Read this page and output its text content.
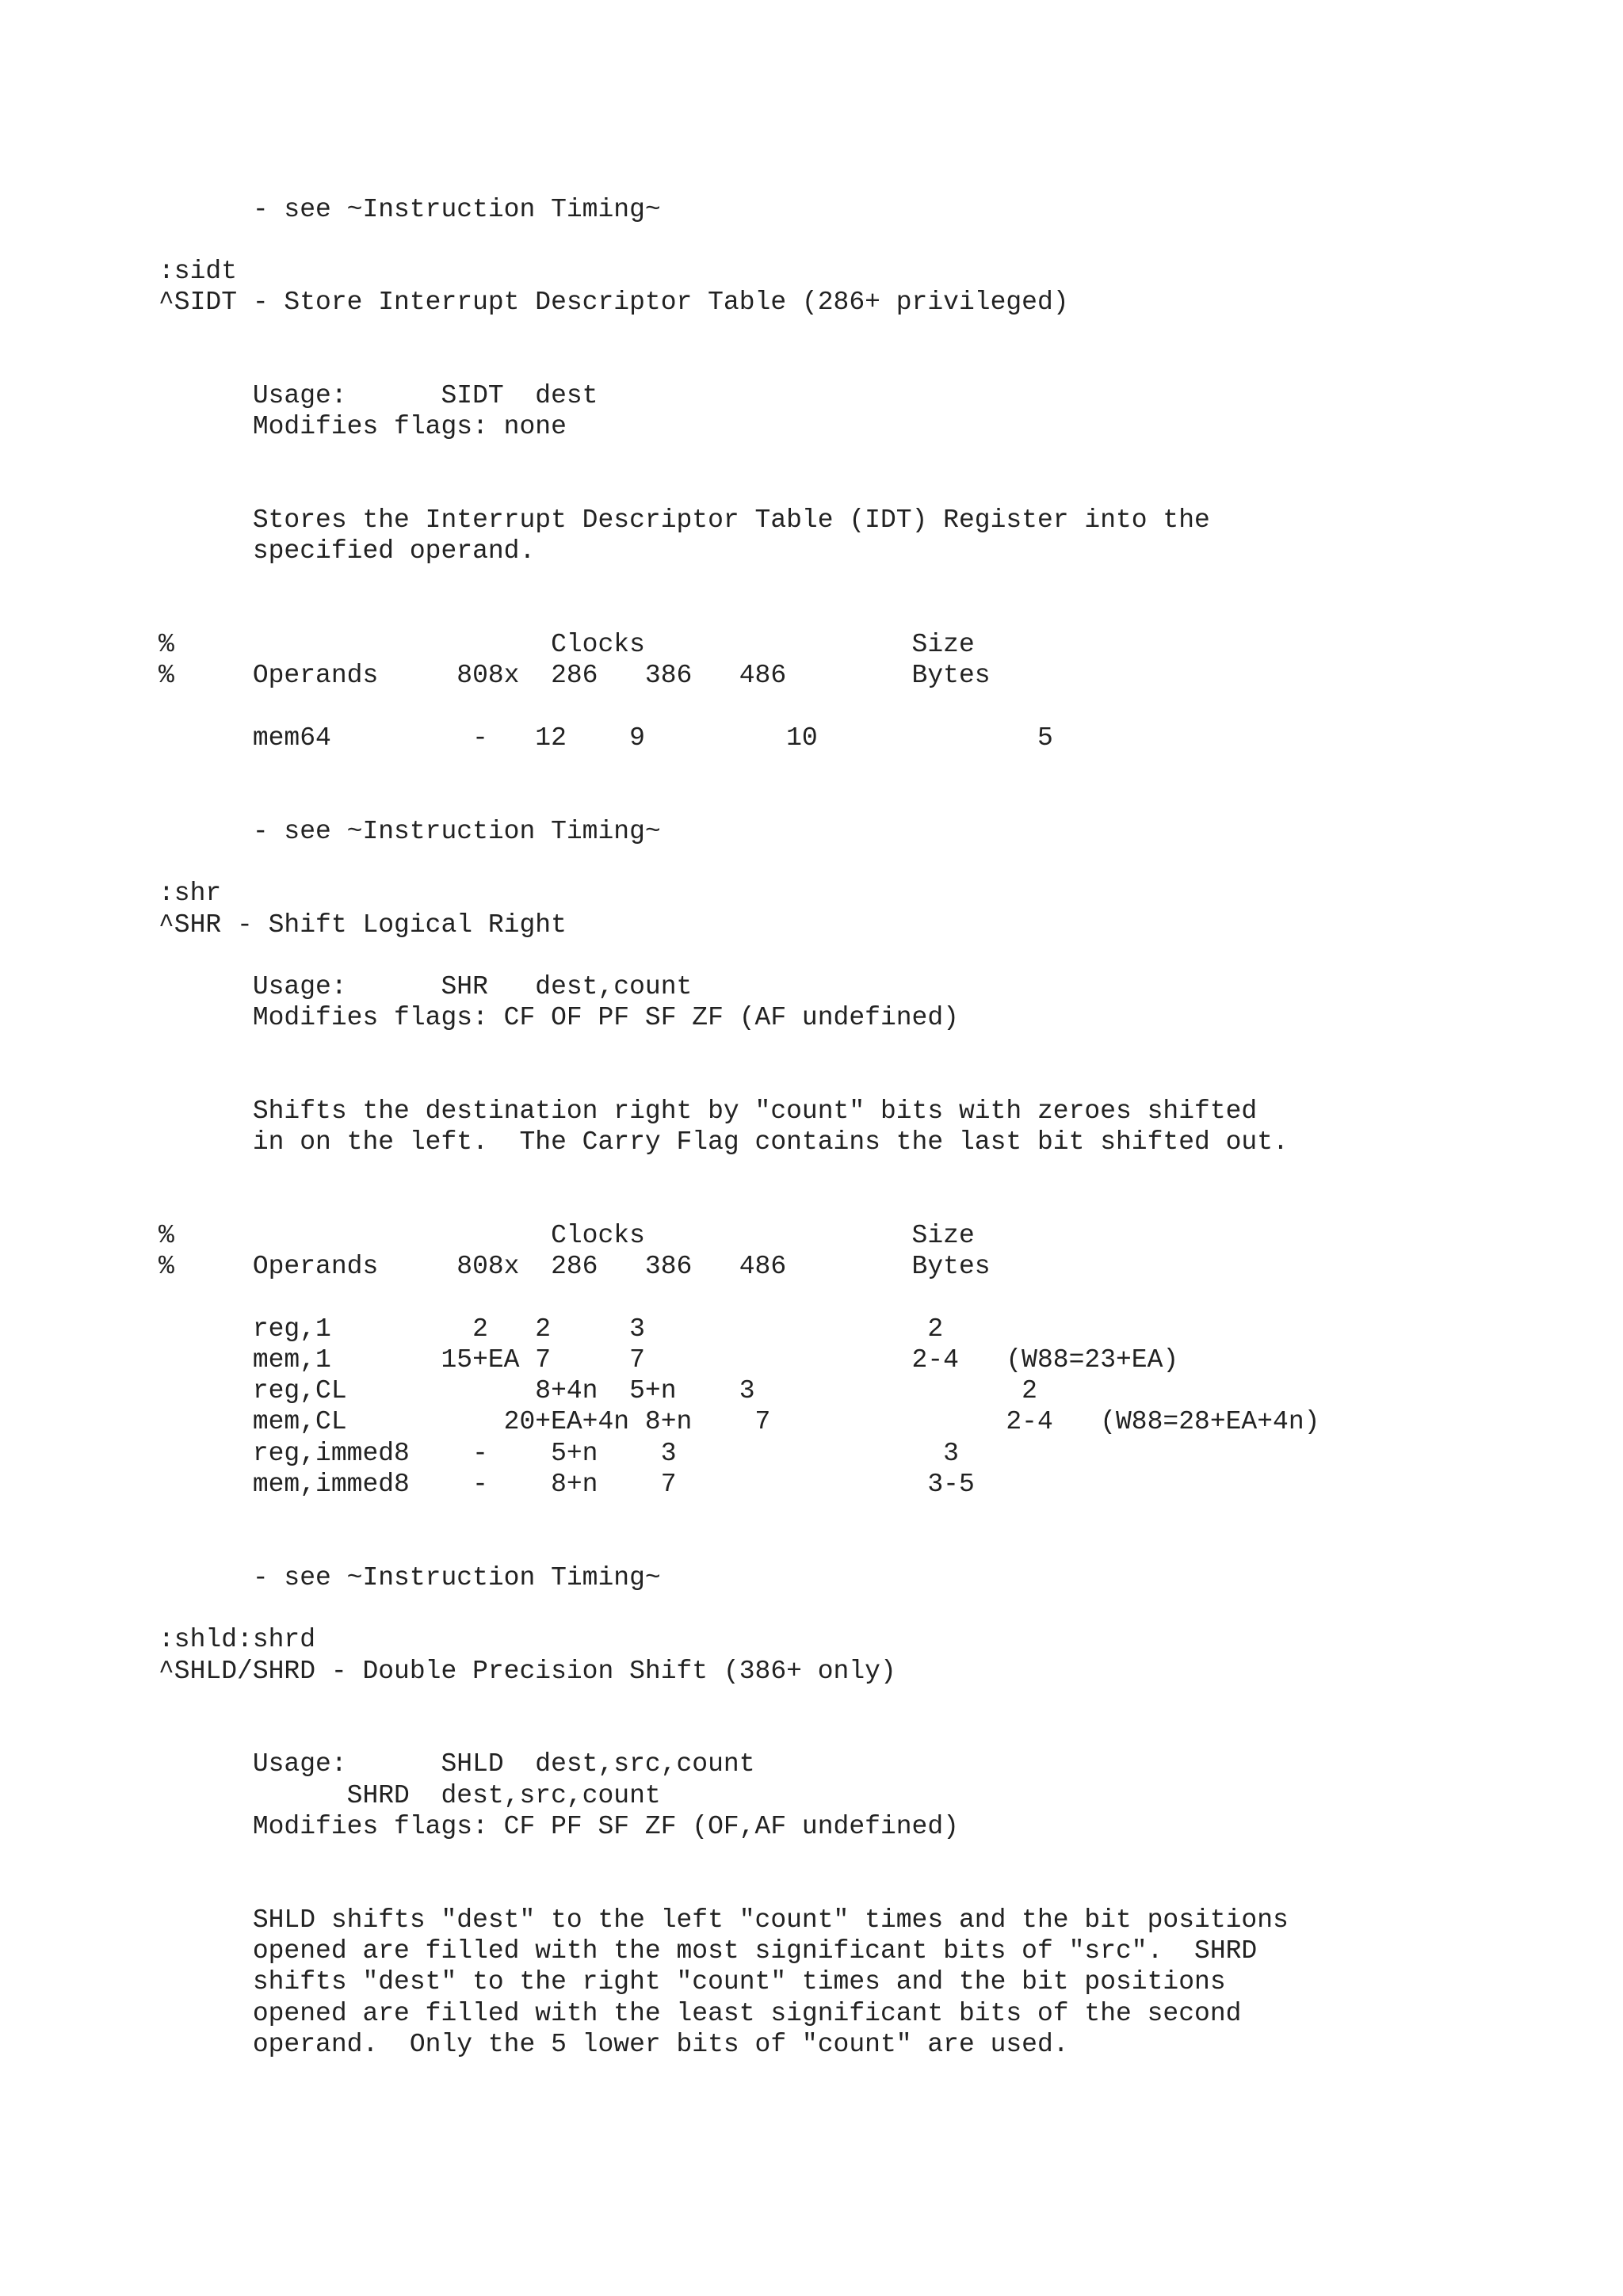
- see ~Instruction Timing~
:sidt
^SIDT - Store Interrupt Descriptor Table (286+ privileged)
Usage:      SIDT  dest
Modifies flags: none
Stores the Interrupt Descriptor Table (IDT) Register into the
specified operand.
%                        Clocks                 Size
%     Operands     808x  286   386   486        Bytes
mem64         -   12    9         10              5
- see ~Instruction Timing~
:shr
^SHR - Shift Logical Right
Usage:      SHR   dest,count
Modifies flags: CF OF PF SF ZF (AF undefined)
Shifts the destination right by "count" bits with zeroes shifted
in on the left.  The Carry Flag contains the last bit shifted out.
%                        Clocks                 Size
%     Operands     808x  286   386   486        Bytes
reg,1         2   2     3                  2
mem,1       15+EA 7     7                 2-4   (W88=23+EA)
reg,CL            8+4n  5+n    3                 2
mem,CL          20+EA+4n 8+n    7               2-4   (W88=28+EA+4n)
reg,immed8    -    5+n    3                 3
mem,immed8    -    8+n    7                3-5
- see ~Instruction Timing~
:shld:shrd
^SHLD/SHRD - Double Precision Shift (386+ only)
Usage:      SHLD  dest,src,count
SHRD  dest,src,count
Modifies flags: CF PF SF ZF (OF,AF undefined)
SHLD shifts "dest" to the left "count" times and the bit positions
opened are filled with the most significant bits of "src".  SHRD
shifts "dest" to the right "count" times and the bit positions
opened are filled with the least significant bits of the second
operand.  Only the 5 lower bits of "count" are used.
